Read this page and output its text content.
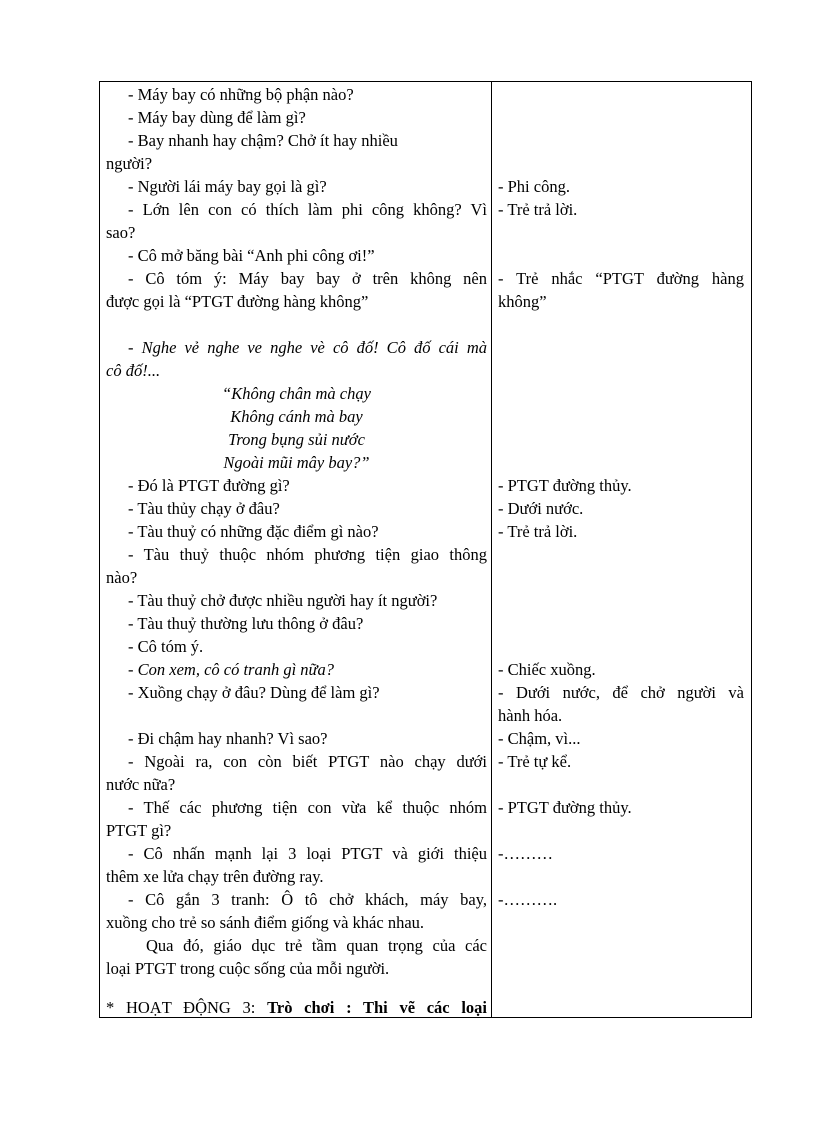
- Máy bay có những bộ phận nào?
- Máy bay dùng để làm gì?
- Bay nhanh hay chậm? Chở ít hay nhiều
người?
- Người lái máy bay gọi là gì?
- Lớn lên con có thích làm phi công không? Vì
sao?
- Cô mở băng bài “Anh phi công ơi!”
- Cô tóm ý: Máy bay bay ở trên không nên
được gọi là “PTGT đường hàng không”
- Nghe vẻ nghe ve nghe vè cô đố! Cô đố cái mà
cô đố!...
“Không chân mà chạy
Không cánh mà bay
Trong bụng sủi nước
Ngoài mũi mây bay?”
- Đó là PTGT đường gì?
- Tàu thủy chạy ở đâu?
- Tàu thuỷ có những đặc điểm gì nào?
- Tàu thuỷ thuộc nhóm phương tiện giao thông
nào?
- Tàu thuỷ chở được nhiều người hay ít người?
- Tàu thuỷ thường lưu thông ở đâu?
- Cô tóm ý.
- Con xem, cô có tranh gì nữa?
- Xuồng chạy ở đâu? Dùng để làm gì?
- Đi chậm hay nhanh? Vì sao?
- Ngoài ra, con còn biết PTGT nào chạy dưới
nước nữa?
- Thế các phương tiện con vừa kể thuộc nhóm
PTGT gì?
- Cô nhấn mạnh lại 3 loại PTGT và giới thiệu
thêm xe lửa chạy trên đường ray.
- Cô gắn 3 tranh: Ô tô chở khách, máy bay,
xuồng cho trẻ so sánh điểm giống và khác nhau.
Qua đó, giáo dục trẻ tầm quan trọng của các
loại PTGT trong cuộc sống của mỗi người.
* HOẠT ĐỘNG 3: Trò chơi : Thi vẽ các loại
- Phi công.
- Trẻ trả lời.
- Trẻ nhắc “PTGT đường hàng
không”
- PTGT đường thủy.
- Dưới nước.
- Trẻ trả lời.
- Chiếc xuồng.
- Dưới nước, để chở người và
hành hóa.
- Chậm, vì...
- Trẻ tự kể.
- PTGT đường thủy.
-………
-……….
